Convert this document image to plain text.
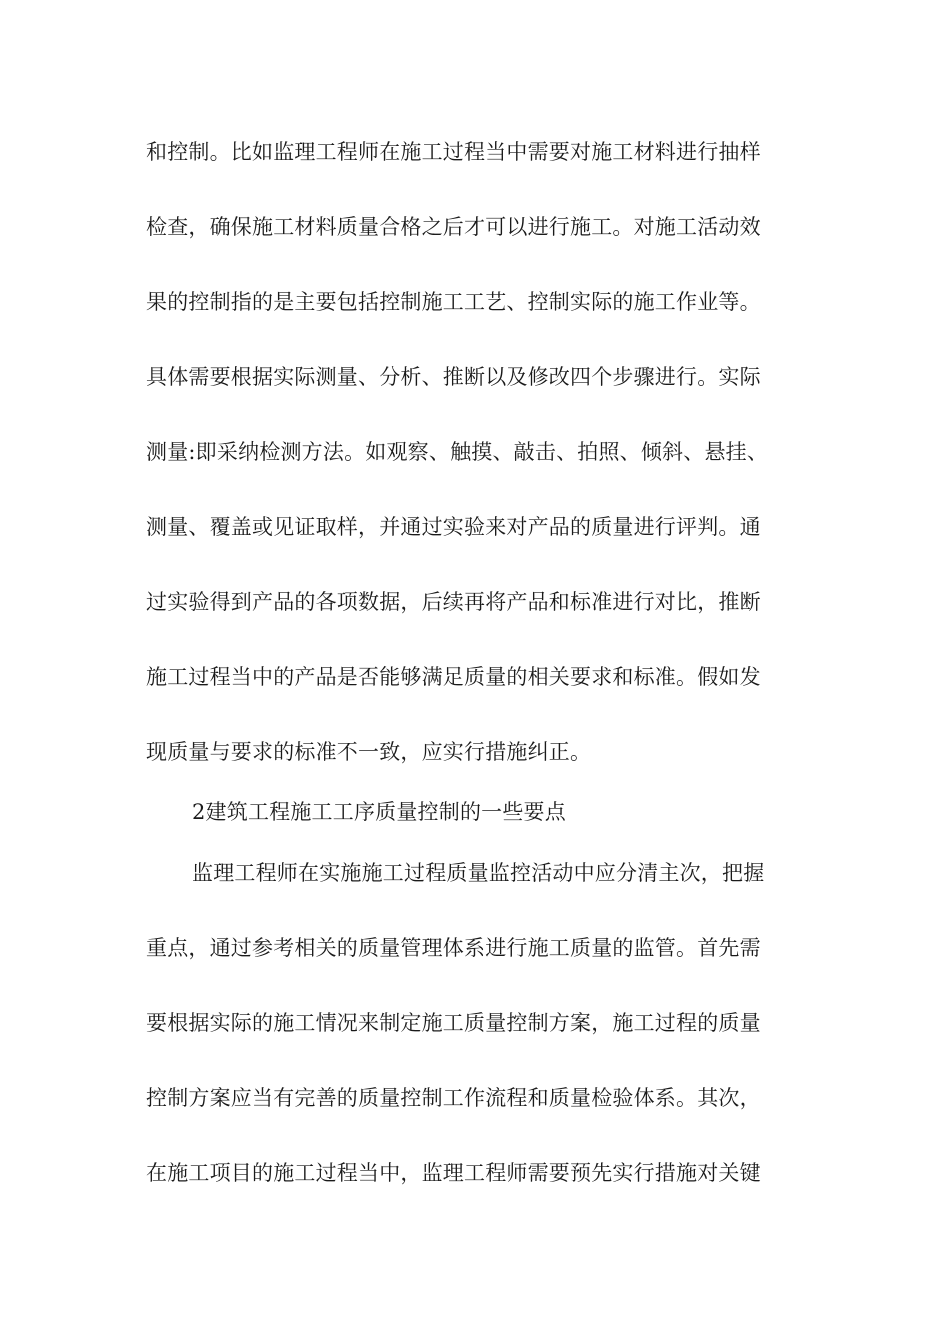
和控制。比如监理工程师在施工过程当中需要对施工材料进行抽样
检查，确保施工材料质量合格之后才可以进行施工。对施工活动效
果的控制指的是主要包括控制施工工艺、控制实际的施工作业等。
具体需要根据实际测量、分析、推断以及修改四个步骤进行。实际
测量:即采纳检测方法。如观察、触摸、敲击、拍照、倾斜、悬挂、
测量、覆盖或见证取样，并通过实验来对产品的质量进行评判。通
过实验得到产品的各项数据，后续再将产品和标准进行对比，推断
施工过程当中的产品是否能够满足质量的相关要求和标准。假如发
现质量与要求的标准不一致，应实行措施纠正。
2建筑工程施工工序质量控制的一些要点
监理工程师在实施施工过程质量监控活动中应分清主次，把握
重点，通过参考相关的质量管理体系进行施工质量的监管。首先需
要根据实际的施工情况来制定施工质量控制方案，施工过程的质量
控制方案应当有完善的质量控制工作流程和质量检验体系。其次，
在施工项目的施工过程当中，监理工程师需要预先实行措施对关键
